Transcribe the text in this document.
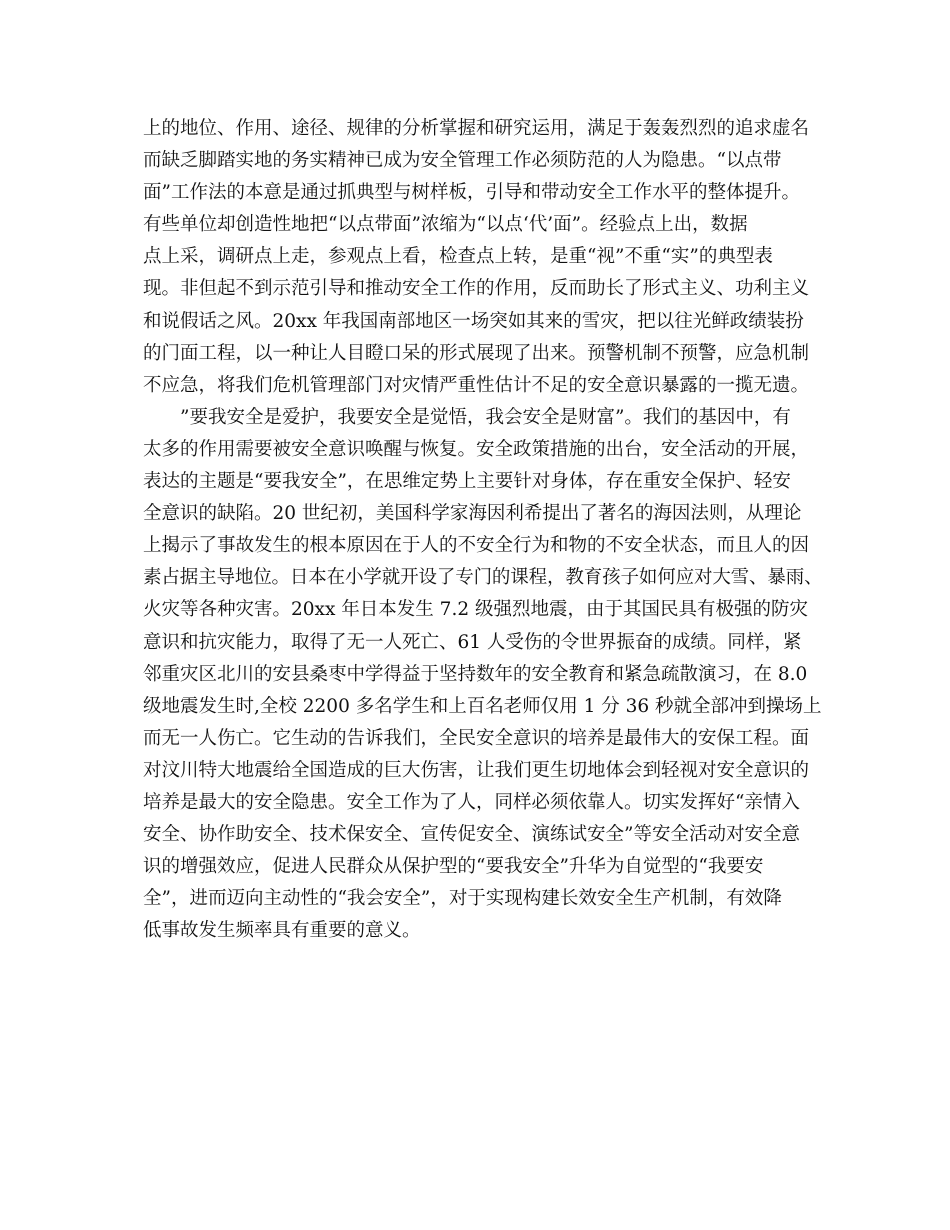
上的地位、作用、途径、规律的分析掌握和研究运用，满足于轰轰烈烈的追求虚名
而缺乏脚踏实地的务实精神已成为安全管理工作必须防范的人为隐患。“以点带
面”工作法的本意是通过抓典型与树样板，引导和带动安全工作水平的整体提升。
有些单位却创造性地把“以点带面”浓缩为“以点‘代’面”。经验点上出，数据
点上采，调研点上走，参观点上看，检查点上转，是重“视”不重“实”的典型表
现。非但起不到示范引导和推动安全工作的作用，反而助长了形式主义、功利主义
和说假话之风。20xx 年我国南部地区一场突如其来的雪灾，把以往光鲜政绩装扮
的门面工程，以一种让人目瞪口呆的形式展现了出来。预警机制不预警，应急机制
不应急，将我们危机管理部门对灾情严重性估计不足的安全意识暴露的一揽无遗。
　　”要我安全是爱护，我要安全是觉悟，我会安全是财富”。我们的基因中，有
太多的作用需要被安全意识唤醒与恢复。安全政策措施的出台，安全活动的开展，
表达的主题是“要我安全”，在思维定势上主要针对身体，存在重安全保护、轻安
全意识的缺陷。20 世纪初，美国科学家海因利希提出了著名的海因法则，从理论
上揭示了事故发生的根本原因在于人的不安全行为和物的不安全状态，而且人的因
素占据主导地位。日本在小学就开设了专门的课程，教育孩子如何应对大雪、暴雨、
火灾等各种灾害。20xx 年日本发生 7.2 级强烈地震，由于其国民具有极强的防灾
意识和抗灾能力，取得了无一人死亡、61 人受伤的令世界振奋的成绩。同样，紧
邻重灾区北川的安县桑枣中学得益于坚持数年的安全教育和紧急疏散演习，在 8.0
级地震发生时,全校 2200 多名学生和上百名老师仅用 1 分 36 秒就全部冲到操场上
而无一人伤亡。它生动的告诉我们，全民安全意识的培养是最伟大的安保工程。面
对汶川特大地震给全国造成的巨大伤害，让我们更生切地体会到轻视对安全意识的
培养是最大的安全隐患。安全工作为了人，同样必须依靠人。切实发挥好“亲情入
安全、协作助安全、技术保安全、宣传促安全、演练试安全”等安全活动对安全意
识的增强效应，促进人民群众从保护型的“要我安全”升华为自觉型的“我要安
全”，进而迈向主动性的“我会安全”，对于实现构建长效安全生产机制，有效降
低事故发生频率具有重要的意义。
